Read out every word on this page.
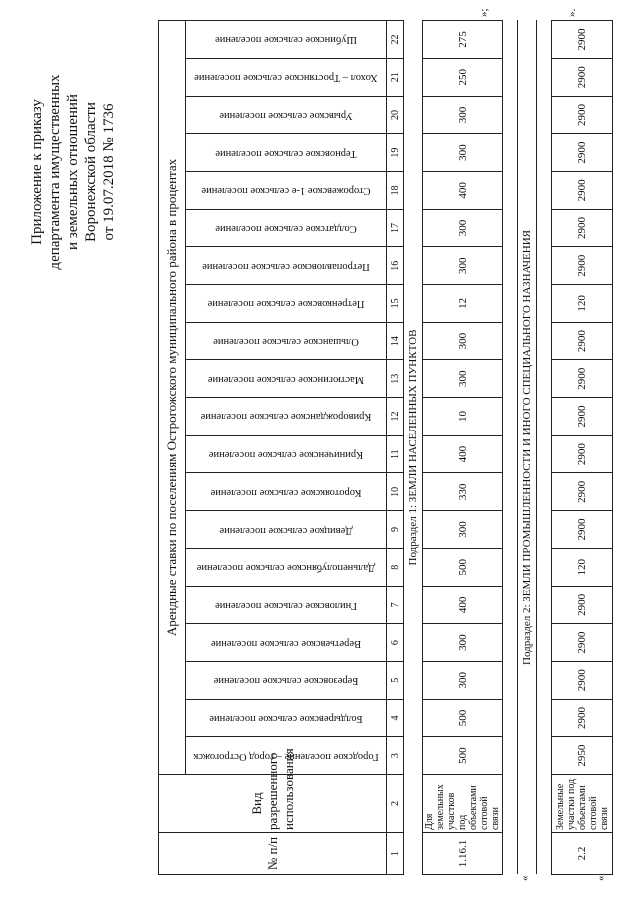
Приложение к приказу департамента имущественных и земельных отношений Воронежской области от 19.07.2018 № 1736
№ п/п	Вид разрешенного использования	Арендные ставки по поселениям Острогожского муниципального района в процентах																			

		Городское поселение – город Острогожск	Болдыревское сельское поселение	Березовское сельское поселение	Веретьевское сельское поселение	Гниловское сельское поселение	Дальнеполубянское сельское поселение	Девицкое сельское поселение	Коротоякское сельское поселение	Криниченское сельское поселение	Криворожданское сельское поселение	Мастюгинское сельское поселение	Ольшанское сельское поселение	Петренковское сельское поселение	Петропавловское сельское поселение	Солдатское сельское поселение	Сторожевское 1-е сельское поселение	Терновское сельское поселение	Урывское сельское поселение	Хохол – Тростянское сельское поселение	Шубинское сельское поселение

1	2	3	4	5	6	7	8	9	10	11	12	13	14	15	16	17	18	19	20	21	22
Подраздел 1: ЗЕМЛИ НАСЕЛЕННЫХ ПУНКТОВ																					
1.16.1	Для земельных участков под объектами сотовой связи	500	500	300	300	400	500	300	330	400	10	300	300	12	300	300	400	300	300	250	275

Подраздел 2: ЗЕМЛИ ПРОМЫШЛЕННОСТИ И ИНОГО СПЕЦИАЛЬНОГО НАЗНАЧЕНИЯ																					

2.2	Земельные участки под объектами сотовой связи	2950	2900	2900	2900	2900	120	2900	2900	2900	2900	2900	2900	120	2900	2900	2900	2900	2900	2900	2900
«
«
»;	».
